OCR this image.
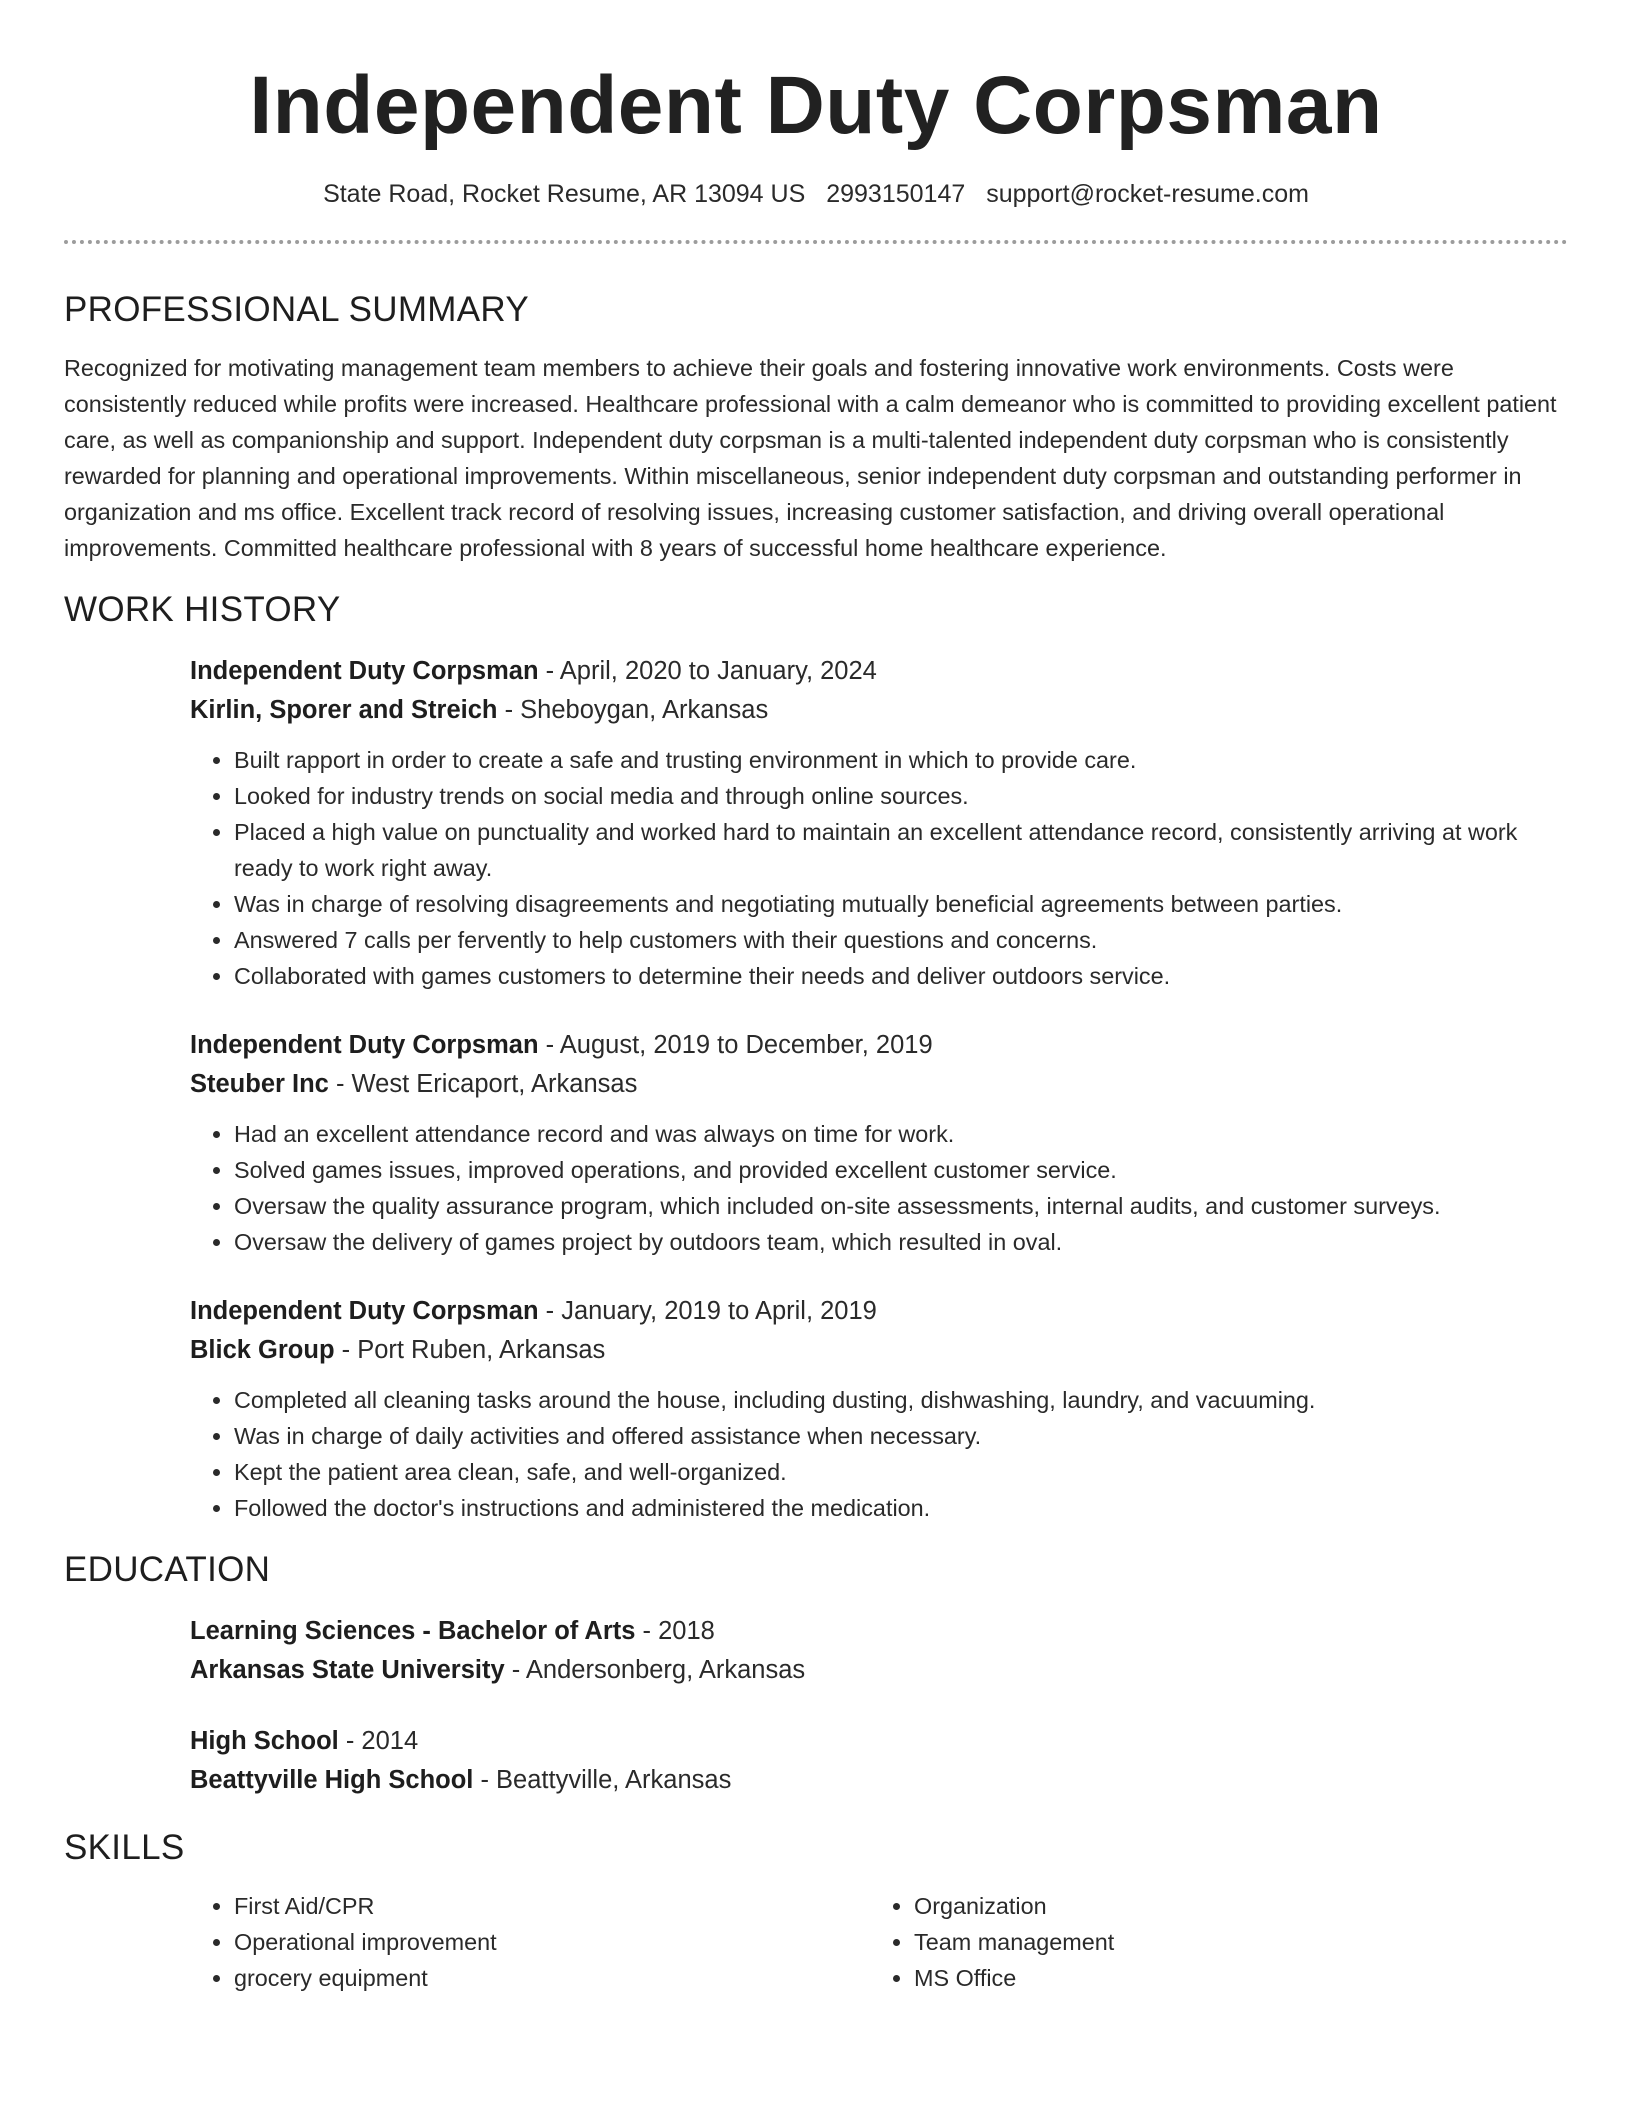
Independent Duty Corpsman
State Road, Rocket Resume, AR 13094 US 2993150147 support@rocket-resume.com
PROFESSIONAL SUMMARY

Recognized for motivating management team members to achieve their goals and fostering innovative work environments. Costs were consistently reduced while profits were increased. Healthcare professional with a calm demeanor who is committed to providing excellent patient care, as well as companionship and support. Independent duty corpsman is a multi-talented independent duty corpsman who is consistently rewarded for planning and operational improvements. Within miscellaneous, senior independent duty corpsman and outstanding performer in organization and ms office. Excellent track record of resolving issues, increasing customer satisfaction, and driving overall operational improvements. Committed healthcare professional with 8 years of successful home healthcare experience.

WORK HISTORY
Independent Duty Corpsman - April, 2020 to January, 2024
Kirlin, Sporer and Streich - Sheboygan, Arkansas
• Built rapport in order to create a safe and trusting environment in which to provide care.
• Looked for industry trends on social media and through online sources.
• Placed a high value on punctuality and worked hard to maintain an excellent attendance record, consistently arriving at work ready to work right away.
• Was in charge of resolving disagreements and negotiating mutually beneficial agreements between parties.
• Answered 7 calls per fervently to help customers with their questions and concerns.
• Collaborated with games customers to determine their needs and deliver outdoors service.
Independent Duty Corpsman - August, 2019 to December, 2019
Steuber Inc - West Ericaport, Arkansas
• Had an excellent attendance record and was always on time for work.
• Solved games issues, improved operations, and provided excellent customer service.
• Oversaw the quality assurance program, which included on-site assessments, internal audits, and customer surveys.
• Oversaw the delivery of games project by outdoors team, which resulted in oval.
Independent Duty Corpsman - January, 2019 to April, 2019
Blick Group - Port Ruben, Arkansas
• Completed all cleaning tasks around the house, including dusting, dishwashing, laundry, and vacuuming.
• Was in charge of daily activities and offered assistance when necessary.
• Kept the patient area clean, safe, and well-organized.
• Followed the doctor's instructions and administered the medication.
EDUCATION
Learning Sciences - Bachelor of Arts - 2018
Arkansas State University - Andersonberg, Arkansas
High School - 2014
Beattyville High School - Beattyville, Arkansas
SKILLS
• First Aid/CPR
• Operational improvement
• grocery equipment
• Organization
• Team management
• MS Office
